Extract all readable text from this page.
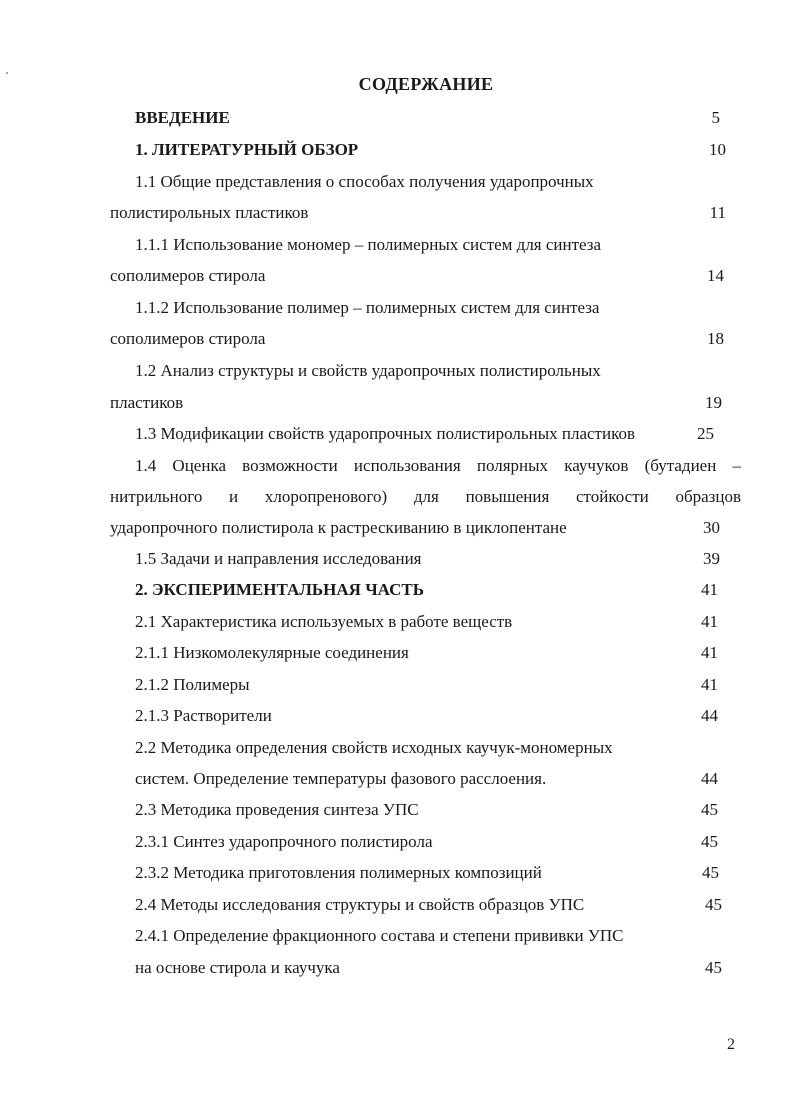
СОДЕРЖАНИЕ
ВВЕДЕНИЕ	5
1. ЛИТЕРАТУРНЫЙ ОБЗОР	10
1.1 Общие представления о способах получения ударопрочных
полистирольных пластиков	11
1.1.1 Использование мономер – полимерных систем для синтеза
сополимеров стирола	14
1.1.2 Использование полимер – полимерных систем для синтеза
сополимеров стирола	18
1.2 Анализ структуры и свойств ударопрочных полистирольных
пластиков	19
1.3 Модификации свойств ударопрочных полистирольных пластиков	25
1.4 Оценка возможности использования полярных каучуков (бутадиен –
нитрильного и хлоропренового) для повышения стойкости образцов
ударопрочного полистирола к растрескиванию в циклопентане	30
1.5 Задачи и направления исследования	39
2. ЭКСПЕРИМЕНТАЛЬНАЯ ЧАСТЬ	41
2.1 Характеристика используемых в работе веществ	41
2.1.1 Низкомолекулярные соединения	41
2.1.2 Полимеры	41
2.1.3 Растворители	44
2.2 Методика определения свойств исходных каучук-мономерных
систем. Определение температуры фазового расслоения.	44
2.3 Методика проведения синтеза УПС	45
2.3.1 Синтез ударопрочного полистирола	45
2.3.2 Методика приготовления полимерных композиций	45
2.4 Методы исследования структуры и свойств образцов УПС	45
2.4.1 Определение фракционного состава и степени прививки УПС
на основе стирола и каучука	45
2
